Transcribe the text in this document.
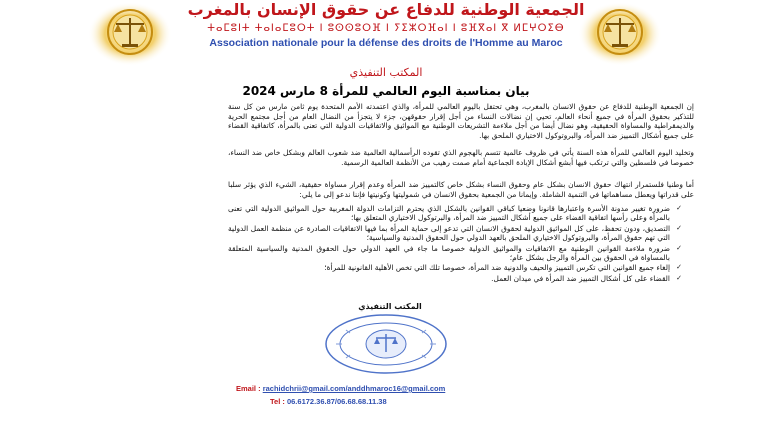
الجمعية الوطنية للدفاع عن حقوق الإنسان بالمغرب
ⵜⴰⵎⵓⵏⵜ ⵜⴰⵏⴰⵎⵓⵔⵜ ⵏ ⵓⵙⵙⵓⵔⴼ ⵏ ⵢⵉⵣⵔⴼⴰⵏ ⵏ ⵓⴼⴳⴰⵏ ⴳ ⵍⵎⵖⵔⵉⴱ
Association nationale pour la défense des droits de l'Homme au Maroc
المكتب التنفيذي
بيان بمناسبة اليوم العالمي للمرأة 8 مارس 2024
إن الجمعية الوطنية للدفاع عن حقوق الانسان بالمغرب، وهي تحتفل باليوم العالمي للمرأة، والذي اعتمدته الأمم المتحدة يوم ثامن مارس من كل سنة للتذكير بحقوق المرأة في جميع أنحاء العالم، تحيي إن نضالات النساء من أجل إقرار حقوقهن، جزء لا يتجزأ من النضال العام من أجل مجتمع الحرية والديمقراطية والمساواة الحقيقية، وهو نضال أيضا من أجل ملاءمة التشريعات الوطنية مع المواثيق والاتفاقيات الدولية التي تعنى بالمرأة، كاتفاقية القضاء على جميع أشكال التمييز ضد المرأة، والبروتوكول الاختياري الملحق بها.
وتخليد اليوم العالمي للمرأة هذه السنة يأتي في ظروف عالمية تتسم بالهجوم الذي تقوده الرأسمالية العالمية ضد شعوب العالم وبشكل خاص ضد النساء، خصوصا في فلسطين والتي ترتكب فيها أبشع أشكال الإبادة الجماعية أمام صمت رهيب من الأنظمة العالمية الرسمية.
أما وطنيا فلستمرار انتهاك حقوق الانسان بشكل عام وحقوق النساء بشكل خاص كالتمييز ضد المرأة وعدم إقرار مساواة حقيقية، الشيء الذي يؤثر سلبا على قدراتها ويعطل مساهماتها في التنمية الشاملة. وإيمانا من الجمعية بحقوق الانسان في شموليتها وكونيتها فإننا ندعو إلى ما يلي:
✓
ضرورة تغيير مدونة الأسرة واعتبارها قانونا وضعيا كباقي القوانين بالشكل الذي يحترم التزامات الدولة المغربية حول المواثيق الدولية التي تعنى بالمرأة وعلى رأسها اتفاقية القضاء على جميع أشكال التمييز ضد المرأة، والبرتوكول الاختياري المتعلق بها؛
✓
التصديق، ودون تحفظ، على كل المواثيق الدولية لحقوق الانسان التي تدعو إلى حماية المرأة بما فيها الاتفاقيات الصادرة عن منظمة العمل الدولية التي تهم حقوق المرأة، والبروتوكول الاختياري الملحق بالعهد الدولي حول الحقوق المدنية والسياسية؛
✓
ضرورة ملاءمة القوانين الوطنية مع الاتفاقيات والمواثيق الدولية خصوصا ما جاء في العهد الدولي حول الحقوق المدنية والسياسية المتعلقة بالمساواة في الحقوق بين المرأة والرجل بشكل عام؛
✓
إلغاء جميع القوانين التي تكرس التمييز والحيف والدونية ضد المرأة، خصوصا تلك التي تخص الأهلية القانونية للمرأة؛
✓
القضاء على كل أشكال التمييز ضد المرأة في ميدان العمل.
المكتب التنفيذي
Email : rachidchrii@gmail.com/anddhmaroc16@gmail.com
Tel : 06.6172.36.87/06.68.68.11.38
